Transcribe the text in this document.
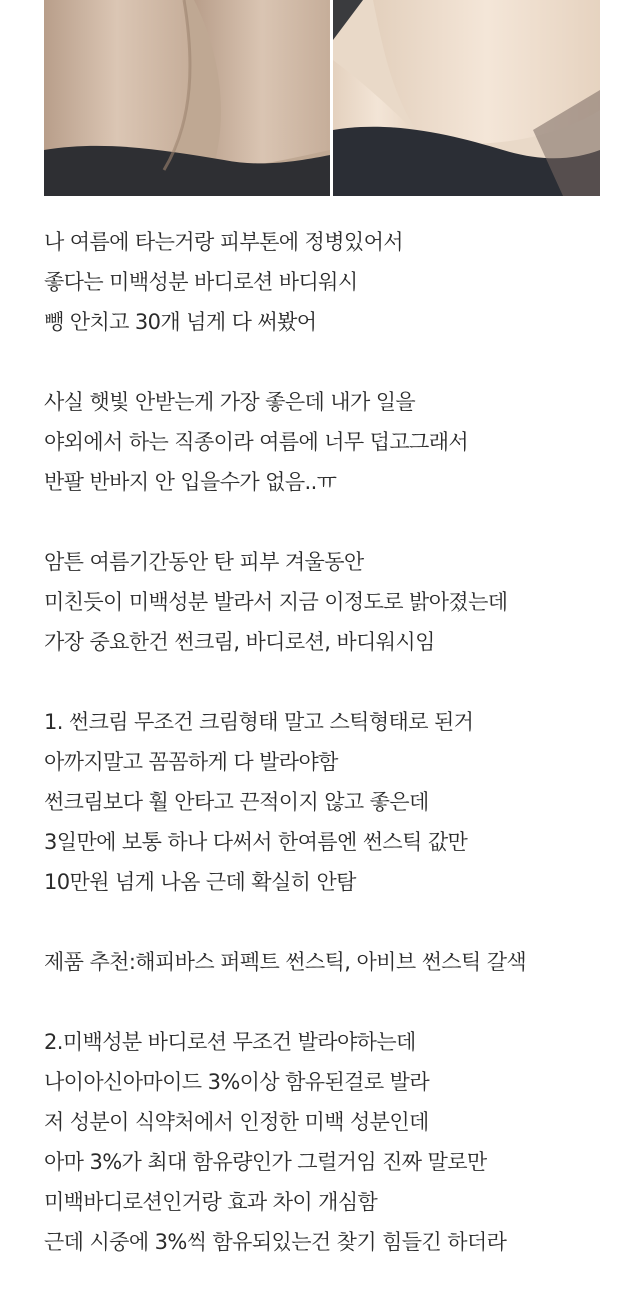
나 여름에 타는거랑 피부톤에 정병있어서
좋다는 미백성분 바디로션 바디워시
뺑 안치고 30개 넘게 다 써봤어
사실 햇빛 안받는게 가장 좋은데 내가 일을
야외에서 하는 직종이라 여름에 너무 덥고그래서
반팔 반바지 안 입을수가 없음..ㅠ
암튼 여름기간동안 탄 피부 겨울동안
미친듯이 미백성분 발라서 지금 이정도로 밝아졌는데
가장 중요한건 썬크림, 바디로션, 바디워시임
1. 썬크림 무조건 크림형태 말고 스틱형태로 된거
아까지말고 꼼꼼하게 다 발라야함
썬크림보다 훨 안타고 끈적이지 않고 좋은데
3일만에 보통 하나 다써서 한여름엔 썬스틱 값만
10만원 넘게 나옴 근데 확실히 안탐
제품 추천:해피바스 퍼펙트 썬스틱, 아비브 썬스틱 갈색
2.미백성분 바디로션 무조건 발라야하는데
나이아신아마이드 3%이상 함유된걸로 발라
저 성분이 식약처에서 인정한 미백 성분인데
아마 3%가 최대 함유량인가 그럴거임 진짜 말로만
미백바디로션인거랑 효과 차이 개심함
근데 시중에 3%씩 함유되있는건 찾기 힘들긴 하더라
